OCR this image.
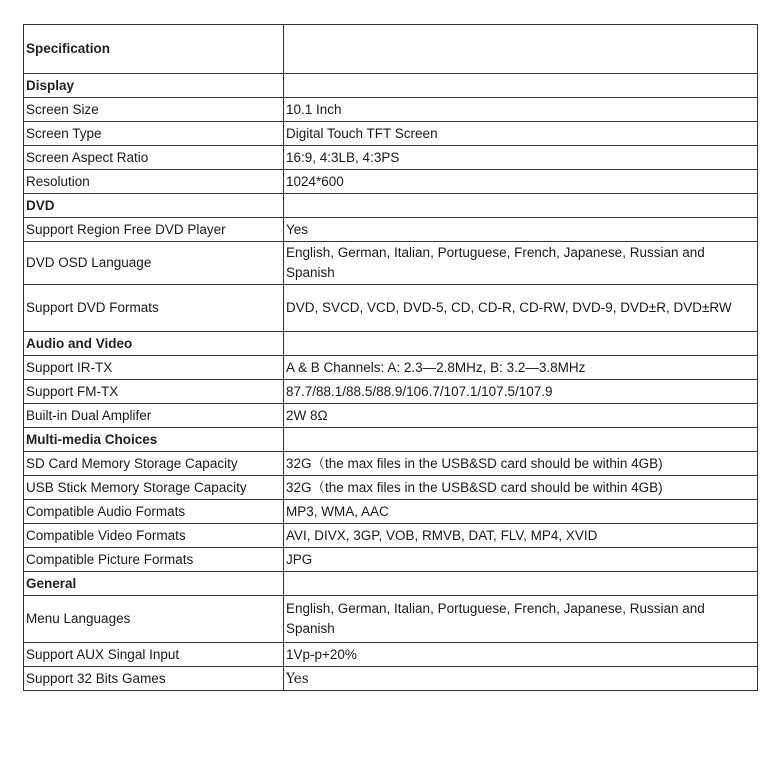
Specification	
Display	
Screen Size	10.1 Inch
Screen Type	Digital Touch TFT Screen
Screen Aspect Ratio	16:9, 4:3LB, 4:3PS
Resolution	1024*600
DVD	
Support Region Free DVD Player	Yes
DVD OSD Language	English, German, Italian, Portuguese, French, Japanese, Russian and Spanish
Support DVD Formats	DVD, SVCD, VCD, DVD-5, CD, CD-R, CD-RW, DVD-9, DVD±R, DVD±RW
Audio and Video	
Support IR-TX	A & B Channels: A: 2.3—2.8MHz, B: 3.2—3.8MHz
Support FM-TX	87.7/88.1/88.5/88.9/106.7/107.1/107.5/107.9
Built-in Dual Amplifer	2W 8Ω
Multi-media Choices	
SD Card Memory Storage Capacity	32G（the max files in the USB&SD card should be within 4GB)
USB Stick Memory Storage Capacity	32G（the max files in the USB&SD card should be within 4GB)
Compatible Audio Formats	MP3, WMA, AAC
Compatible Video Formats	AVI, DIVX, 3GP, VOB, RMVB, DAT, FLV, MP4, XVID
Compatible Picture Formats	JPG
General	
Menu Languages	English, German, Italian, Portuguese, French, Japanese, Russian and Spanish
Support AUX Singal Input	1Vp-p+20%
Support 32 Bits Games	Yes
